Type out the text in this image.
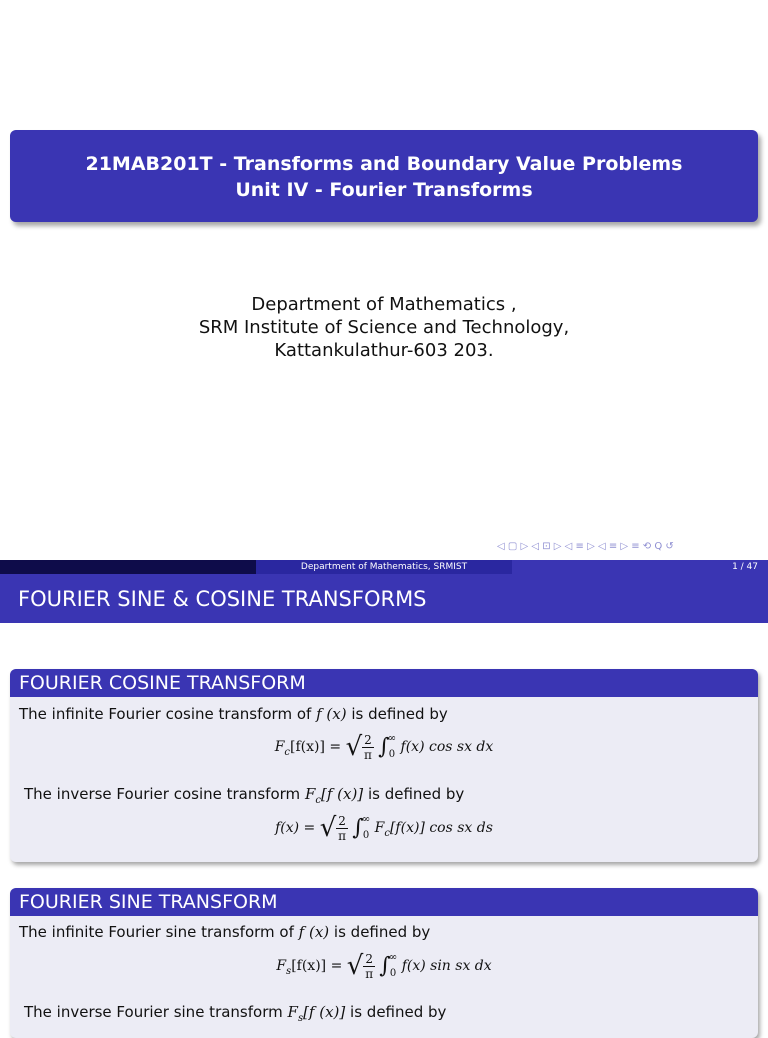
21MAB201T - Transforms and Boundary Value Problems
Unit IV - Fourier Transforms
Department of Mathematics ,
SRM Institute of Science and Technology,
Kattankulathur-603 203.
◁ ▢ ▷ ◁ ⊡ ▷ ◁ ≡ ▷ ◁ ≡ ▷ ≡ ⟲ Q ↺
Department of Mathematics, SRMIST	1 / 47
FOURIER SINE & COSINE TRANSFORMS
FOURIER COSINE TRANSFORM
The infinite Fourier cosine transform of f (x) is defined by
$F_c[f(x)]$ = √ $\frac{2}{\pi}$ ∫
∞
0 f(x) cos sx dx
The inverse Fourier cosine transform $F_c[f$ (x)] is defined by
f(x) = √ $\frac{2}{\pi}$ ∫
∞
0 $F_c[f(x)]$ cos sx ds
FOURIER SINE TRANSFORM
The infinite Fourier sine transform of f (x) is defined by
$F_s[f(x)]$ = √ $\frac{2}{\pi}$ ∫
∞
0 f(x) sin sx dx
The inverse Fourier sine transform $F_s[f$ (x)] is defined by
